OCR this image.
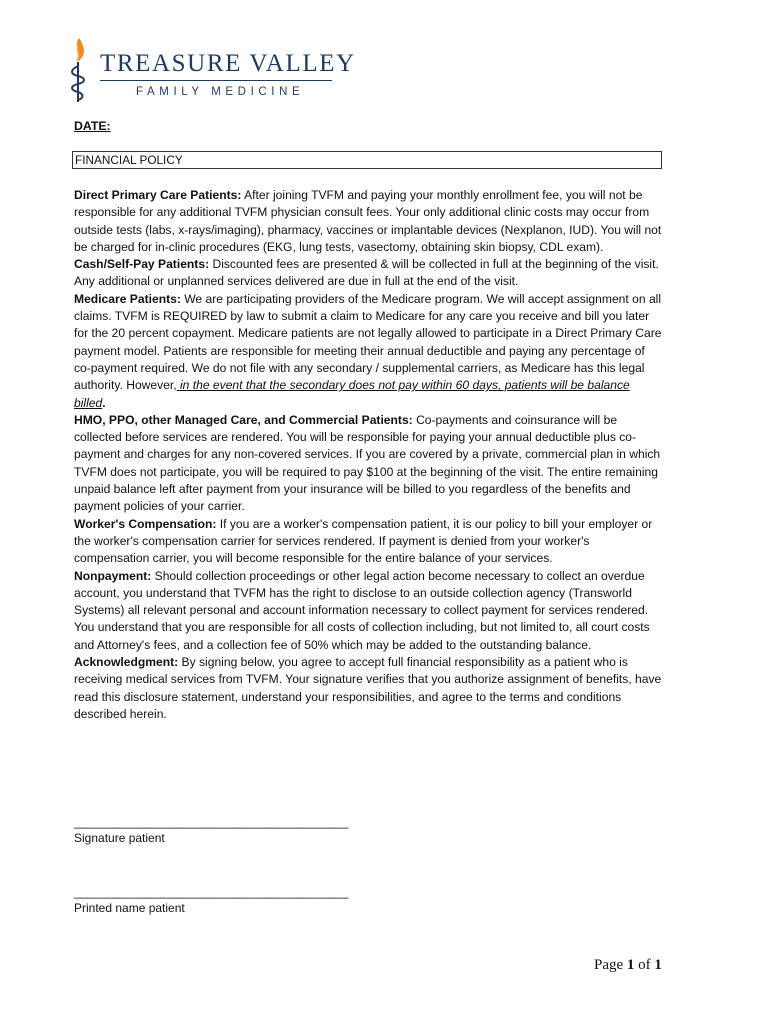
TREASURE VALLEY
FAMILY MEDICINE
DATE:
FINANCIAL POLICY

Direct Primary Care Patients: After joining TVFM and paying your monthly enrollment fee, you will not be responsible for any additional TVFM physician consult fees. Your only additional clinic costs may occur from outside tests (labs, x-rays/imaging), pharmacy, vaccines or implantable devices (Nexplanon, IUD). You will not be charged for in-clinic procedures (EKG, lung tests, vasectomy, obtaining skin biopsy, CDL exam).

Cash/Self-Pay Patients: Discounted fees are presented & will be collected in full at the beginning of the visit. Any additional or unplanned services delivered are due in full at the end of the visit.

Medicare Patients: We are participating providers of the Medicare program. We will accept assignment on all claims. TVFM is REQUIRED by law to submit a claim to Medicare for any care you receive and bill you later for the 20 percent copayment. Medicare patients are not legally allowed to participate in a Direct Primary Care payment model. Patients are responsible for meeting their annual deductible and paying any percentage of co-payment required. We do not file with any secondary / supplemental carriers, as Medicare has this legal authority. However, in the event that the secondary does not pay within 60 days, patients will be balance billed.

HMO, PPO, other Managed Care, and Commercial Patients: Co-payments and coinsurance will be collected before services are rendered. You will be responsible for paying your annual deductible plus co-payment and charges for any non-covered services. If you are covered by a private, commercial plan in which TVFM does not participate, you will be required to pay $100 at the beginning of the visit. The entire remaining unpaid balance left after payment from your insurance will be billed to you regardless of the benefits and payment policies of your carrier.

Worker's Compensation: If you are a worker's compensation patient, it is our policy to bill your employer or the worker's compensation carrier for services rendered. If payment is denied from your worker's compensation carrier, you will become responsible for the entire balance of your services.

Nonpayment: Should collection proceedings or other legal action become necessary to collect an overdue account, you understand that TVFM has the right to disclose to an outside collection agency (Transworld Systems) all relevant personal and account information necessary to collect payment for services rendered. You understand that you are responsible for all costs of collection including, but not limited to, all court costs and Attorney's fees, and a collection fee of 50% which may be added to the outstanding balance.

Acknowledgment: By signing below, you agree to accept full financial responsibility as a patient who is receiving medical services from TVFM. Your signature verifies that you authorize assignment of benefits, have read this disclosure statement, understand your responsibilities, and agree to the terms and conditions described herein.

___________________________________________
Signature patient
___________________________________________
Printed name patient
Page 1 of 1
